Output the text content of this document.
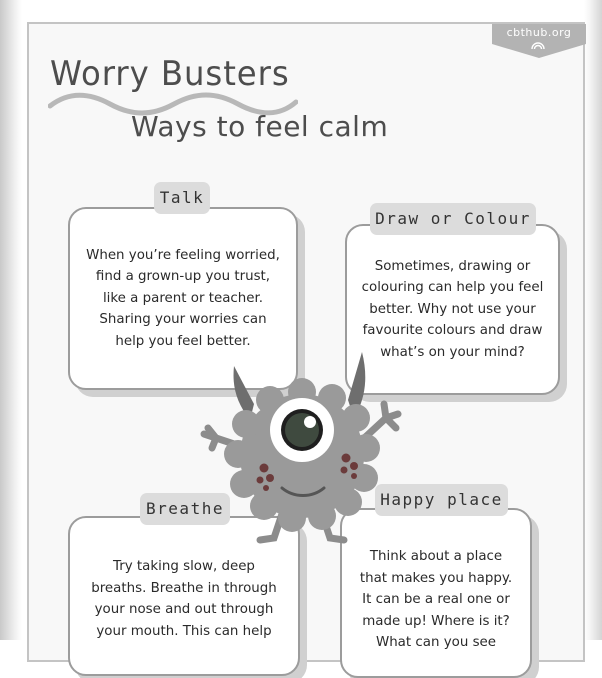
cbthub.org
Worry Busters
Ways to feel calm
When you’re feeling worried,
find a grown-up you trust,
like a parent or teacher.
Sharing your worries can
help you feel better.
Talk
Sometimes, drawing or
colouring can help you feel
better. Why not use your
favourite colours and draw
what’s on your mind?
Draw or Colour
Try taking slow, deep
breaths. Breathe in through
your nose and out through
your mouth. This can help
Breathe
Think about a place
that makes you happy.
It can be a real one or
made up! Where is it?
What can you see
Happy place
